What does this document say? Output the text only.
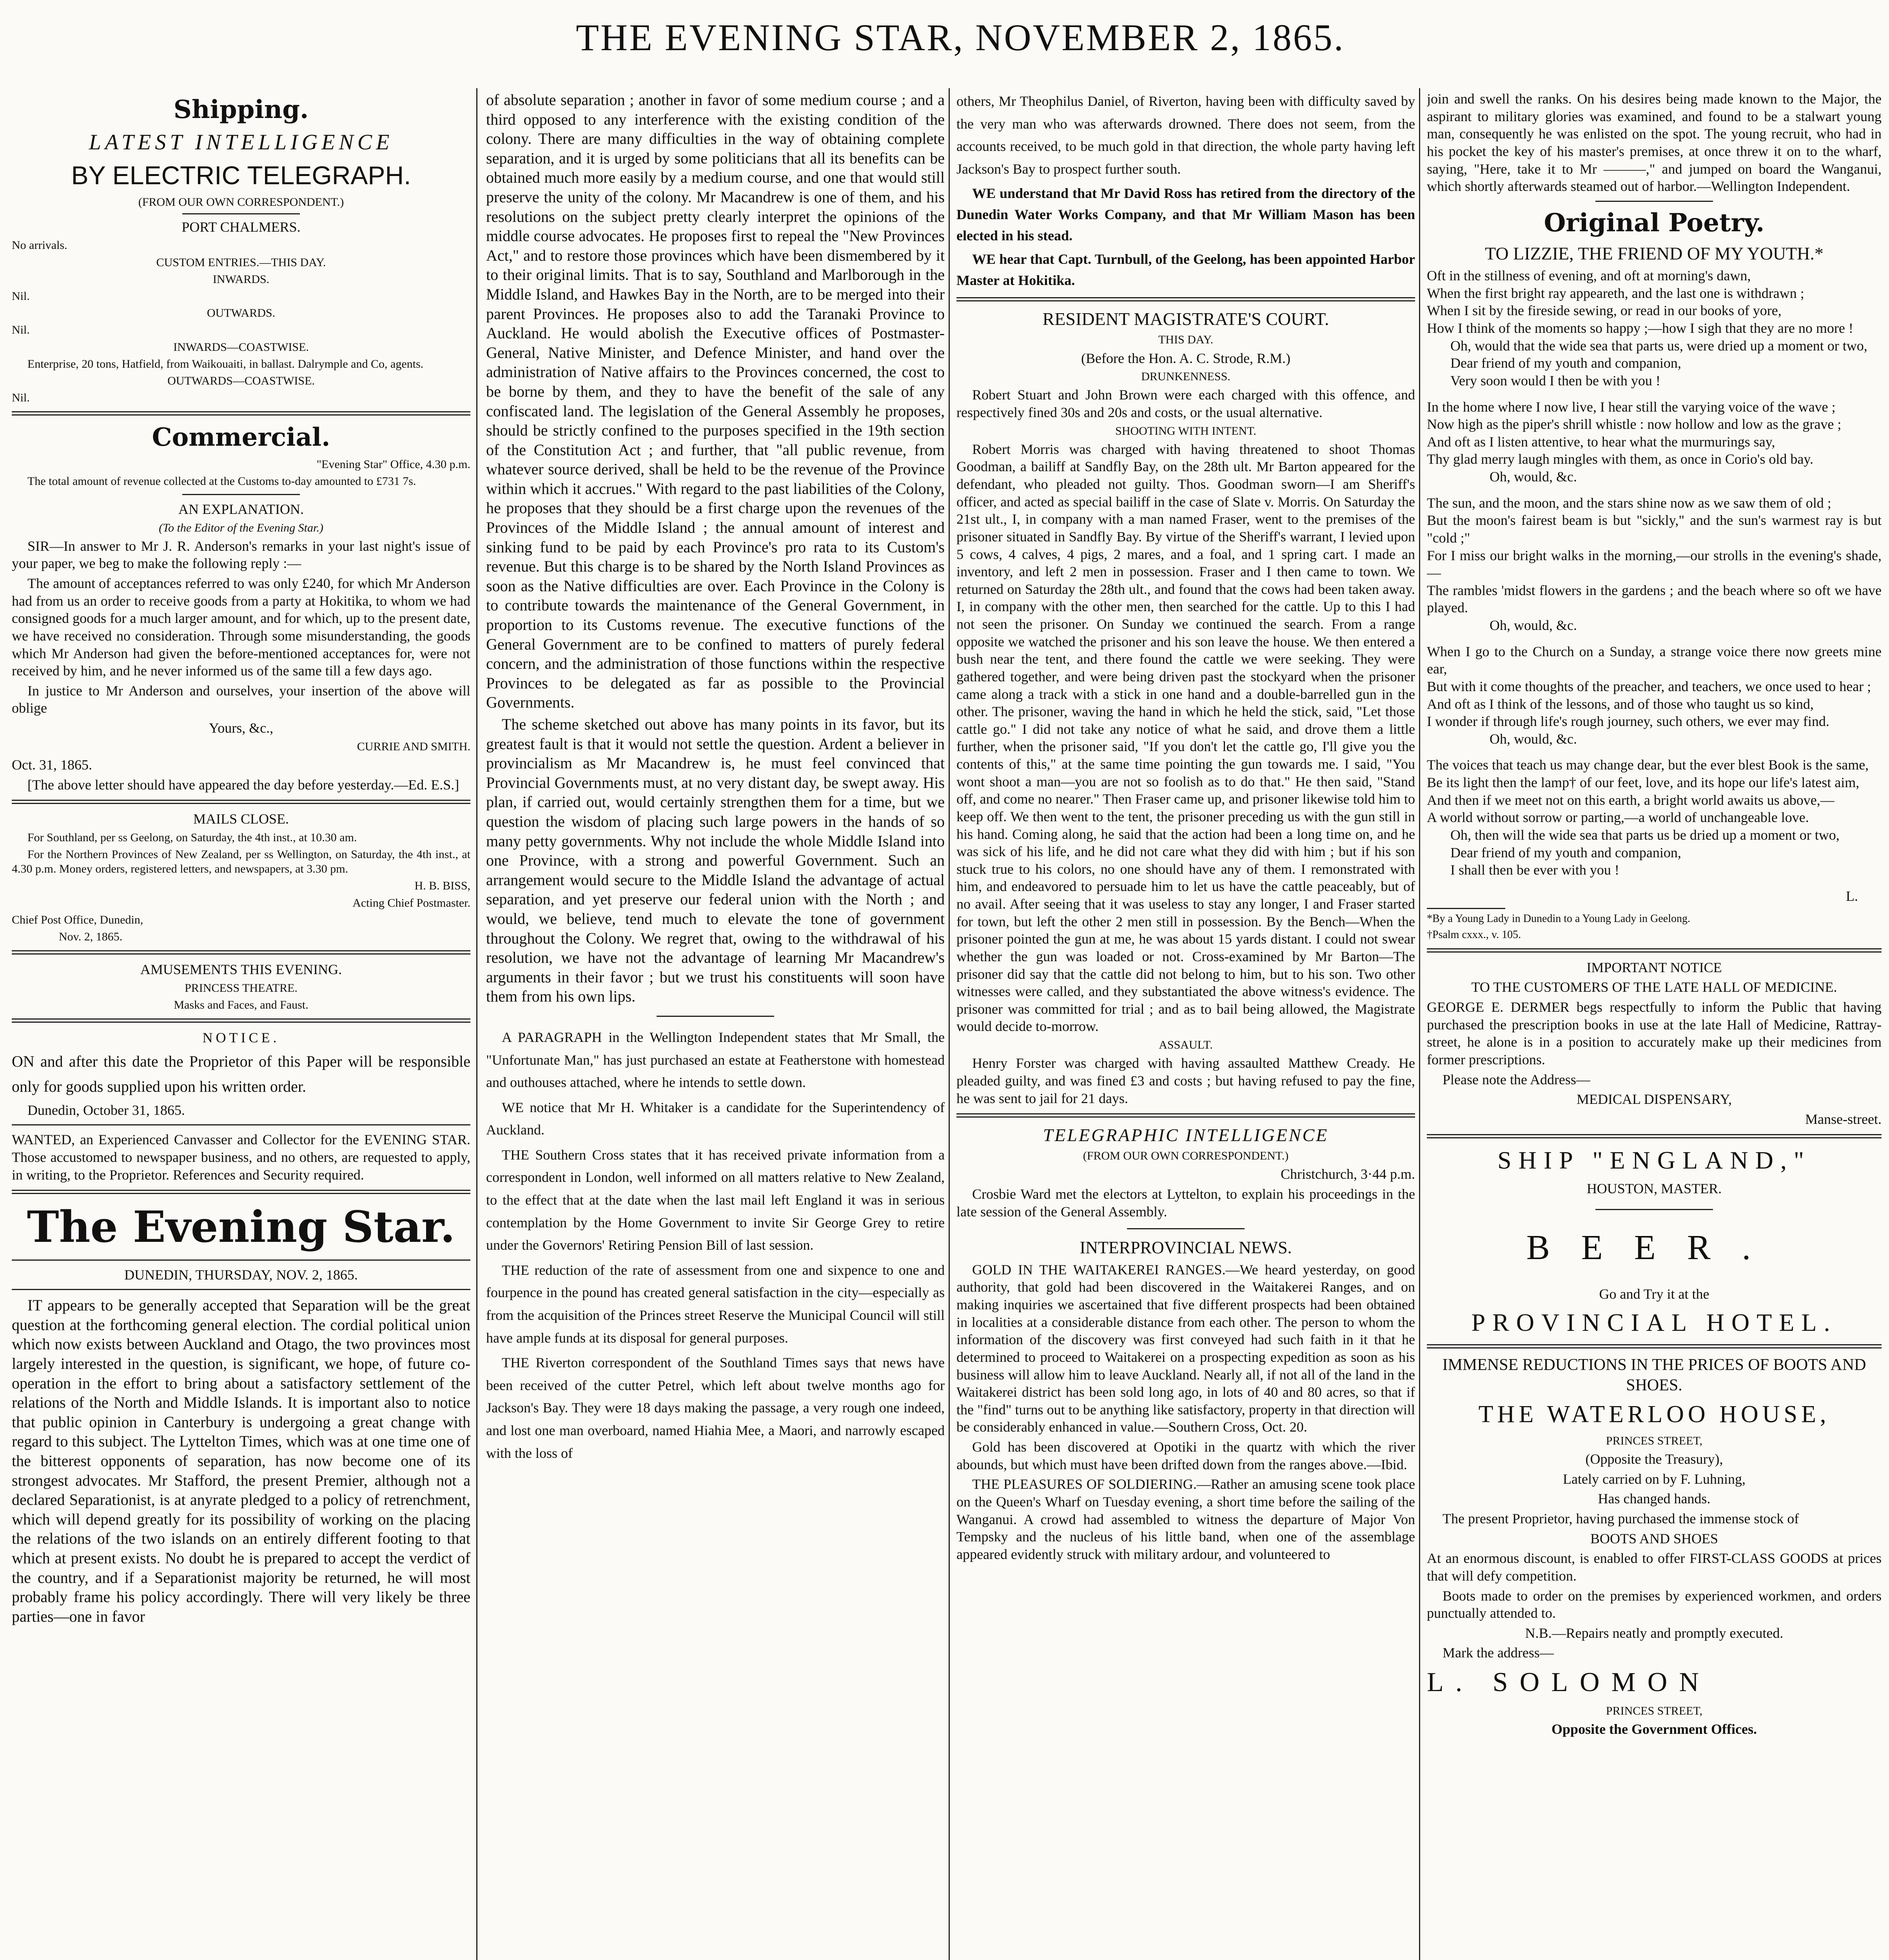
THE EVENING STAR, NOVEMBER 2, 1865.
Shipping.
LATEST INTELLIGENCE
BY ELECTRIC TELEGRAPH.

(FROM OUR OWN CORRESPONDENT.)

PORT CHALMERS.

No arrivals.

CUSTOM ENTRIES.—THIS DAY.

INWARDS.

Nil.

OUTWARDS.

Nil.

INWARDS—COASTWISE.

Enterprise, 20 tons, Hatfield, from Waikouaiti, in ballast. Dalrymple and Co, agents.

OUTWARDS—COASTWISE.

Nil.

Commercial.

"Evening Star" Office, 4.30 p.m.

The total amount of revenue collected at the Customs to-day amounted to £731 7s.

AN EXPLANATION.

(To the Editor of the Evening Star.)

SIR—In answer to Mr J. R. Anderson's remarks in your last night's issue of your paper, we beg to make the following reply :—

The amount of acceptances referred to was only £240, for which Mr Anderson had from us an order to receive goods from a party at Hokitika, to whom we had consigned goods for a much larger amount, and for which, up to the present date, we have received no consideration. Through some misunderstanding, the goods which Mr Anderson had given the before-mentioned acceptances for, were not received by him, and he never informed us of the same till a few days ago.

In justice to Mr Anderson and ourselves, your insertion of the above will oblige

Yours, &c.,

CURRIE AND SMITH.

Oct. 31, 1865.

[The above letter should have appeared the day before yesterday.—Ed. E.S.]

MAILS CLOSE.

For Southland, per ss Geelong, on Saturday, the 4th inst., at 10.30 am.

For the Northern Provinces of New Zealand, per ss Wellington, on Saturday, the 4th inst., at 4.30 p.m. Money orders, registered letters, and newspapers, at 3.30 pm.

H. B. BISS,

Acting Chief Postmaster.

Chief Post Office, Dunedin,

Nov. 2, 1865.

AMUSEMENTS THIS EVENING.

PRINCESS THEATRE.

Masks and Faces, and Faust.

NOTICE.

ON and after this date the Proprietor of this Paper will be responsible only for goods supplied upon his written order.

Dunedin, October 31, 1865.

WANTED, an Experienced Canvasser and Collector for the EVENING STAR. Those accustomed to newspaper business, and no others, are requested to apply, in writing, to the Proprietor. References and Security required.

The Evening Star.

DUNEDIN, THURSDAY, NOV. 2, 1865.

IT appears to be generally accepted that Separation will be the great question at the forthcoming general election. The cordial political union which now exists between Auckland and Otago, the two provinces most largely interested in the question, is significant, we hope, of future co-operation in the effort to bring about a satisfactory settlement of the relations of the North and Middle Islands. It is important also to notice that public opinion in Canterbury is undergoing a great change with regard to this subject. The Lyttelton Times, which was at one time one of the bitterest opponents of separation, has now become one of its strongest advocates. Mr Stafford, the present Premier, although not a declared Separationist, is at anyrate pledged to a policy of retrenchment, which will depend greatly for its possibility of working on the placing the relations of the two islands on an entirely different footing to that which at present exists. No doubt he is prepared to accept the verdict of the country, and if a Separationist majority be returned, he will most probably frame his policy accordingly. There will very likely be three parties—one in favor

of absolute separation ; another in favor of some medium course ; and a third opposed to any interference with the existing condition of the colony. There are many difficulties in the way of obtaining complete separation, and it is urged by some politicians that all its benefits can be obtained much more easily by a medium course, and one that would still preserve the unity of the colony. Mr Macandrew is one of them, and his resolutions on the subject pretty clearly interpret the opinions of the middle course advocates. He proposes first to repeal the "New Provinces Act," and to restore those provinces which have been dismembered by it to their original limits. That is to say, Southland and Marlborough in the Middle Island, and Hawkes Bay in the North, are to be merged into their parent Provinces. He proposes also to add the Taranaki Province to Auckland. He would abolish the Executive offices of Postmaster-General, Native Minister, and Defence Minister, and hand over the administration of Native affairs to the Provinces concerned, the cost to be borne by them, and they to have the benefit of the sale of any confiscated land. The legislation of the General Assembly he proposes, should be strictly confined to the purposes specified in the 19th section of the Constitution Act ; and further, that "all public revenue, from whatever source derived, shall be held to be the revenue of the Province within which it accrues." With regard to the past liabilities of the Colony, he proposes that they should be a first charge upon the revenues of the Provinces of the Middle Island ; the annual amount of interest and sinking fund to be paid by each Province's pro rata to its Custom's revenue. But this charge is to be shared by the North Island Provinces as soon as the Native difficulties are over. Each Province in the Colony is to contribute towards the maintenance of the General Government, in proportion to its Customs revenue. The executive functions of the General Government are to be confined to matters of purely federal concern, and the administration of those functions within the respective Provinces to be delegated as far as possible to the Provincial Governments.

The scheme sketched out above has many points in its favor, but its greatest fault is that it would not settle the question. Ardent a believer in provincialism as Mr Macandrew is, he must feel convinced that Provincial Governments must, at no very distant day, be swept away. His plan, if carried out, would certainly strengthen them for a time, but we question the wisdom of placing such large powers in the hands of so many petty governments. Why not include the whole Middle Island into one Province, with a strong and powerful Government. Such an arrangement would secure to the Middle Island the advantage of actual separation, and yet preserve our federal union with the North ; and would, we believe, tend much to elevate the tone of government throughout the Colony. We regret that, owing to the withdrawal of his resolution, we have not the advantage of learning Mr Macandrew's arguments in their favor ; but we trust his constituents will soon have them from his own lips.

A PARAGRAPH in the Wellington Independent states that Mr Small, the "Unfortunate Man," has just purchased an estate at Featherstone with homestead and outhouses attached, where he intends to settle down.

WE notice that Mr H. Whitaker is a candidate for the Superintendency of Auckland.

THE Southern Cross states that it has received private information from a correspondent in London, well informed on all matters relative to New Zealand, to the effect that at the date when the last mail left England it was in serious contemplation by the Home Government to invite Sir George Grey to retire under the Governors' Retiring Pension Bill of last session.

THE reduction of the rate of assessment from one and sixpence to one and fourpence in the pound has created general satisfaction in the city—especially as from the acquisition of the Princes street Reserve the Municipal Council will still have ample funds at its disposal for general purposes.

THE Riverton correspondent of the Southland Times says that news have been received of the cutter Petrel, which left about twelve months ago for Jackson's Bay. They were 18 days making the passage, a very rough one indeed, and lost one man overboard, named Hiahia Mee, a Maori, and narrowly escaped with the loss of

others, Mr Theophilus Daniel, of Riverton, having been with difficulty saved by the very man who was afterwards drowned. There does not seem, from the accounts received, to be much gold in that direction, the whole party having left Jackson's Bay to prospect further south.

WE understand that Mr David Ross has retired from the directory of the Dunedin Water Works Company, and that Mr William Mason has been elected in his stead.

WE hear that Capt. Turnbull, of the Geelong, has been appointed Harbor Master at Hokitika.

RESIDENT MAGISTRATE'S COURT.

THIS DAY.

(Before the Hon. A. C. Strode, R.M.)

DRUNKENNESS.

Robert Stuart and John Brown were each charged with this offence, and respectively fined 30s and 20s and costs, or the usual alternative.

SHOOTING WITH INTENT.

Robert Morris was charged with having threatened to shoot Thomas Goodman, a bailiff at Sandfly Bay, on the 28th ult. Mr Barton appeared for the defendant, who pleaded not guilty. Thos. Goodman sworn—I am Sheriff's officer, and acted as special bailiff in the case of Slate v. Morris. On Saturday the 21st ult., I, in company with a man named Fraser, went to the premises of the prisoner situated in Sandfly Bay. By virtue of the Sheriff's warrant, I levied upon 5 cows, 4 calves, 4 pigs, 2 mares, and a foal, and 1 spring cart. I made an inventory, and left 2 men in possession. Fraser and I then came to town. We returned on Saturday the 28th ult., and found that the cows had been taken away. I, in company with the other men, then searched for the cattle. Up to this I had not seen the prisoner. On Sunday we continued the search. From a range opposite we watched the prisoner and his son leave the house. We then entered a bush near the tent, and there found the cattle we were seeking. They were gathered together, and were being driven past the stockyard when the prisoner came along a track with a stick in one hand and a double-barrelled gun in the other. The prisoner, waving the hand in which he held the stick, said, "Let those cattle go." I did not take any notice of what he said, and drove them a little further, when the prisoner said, "If you don't let the cattle go, I'll give you the contents of this," at the same time pointing the gun towards me. I said, "You wont shoot a man—you are not so foolish as to do that." He then said, "Stand off, and come no nearer." Then Fraser came up, and prisoner likewise told him to keep off. We then went to the tent, the prisoner preceding us with the gun still in his hand. Coming along, he said that the action had been a long time on, and he was sick of his life, and he did not care what they did with him ; but if his son stuck true to his colors, no one should have any of them. I remonstrated with him, and endeavored to persuade him to let us have the cattle peaceably, but of no avail. After seeing that it was useless to stay any longer, I and Fraser started for town, but left the other 2 men still in possession. By the Bench—When the prisoner pointed the gun at me, he was about 15 yards distant. I could not swear whether the gun was loaded or not. Cross-examined by Mr Barton—The prisoner did say that the cattle did not belong to him, but to his son. Two other witnesses were called, and they substantiated the above witness's evidence. The prisoner was committed for trial ; and as to bail being allowed, the Magistrate would decide to-morrow.

ASSAULT.

Henry Forster was charged with having assaulted Matthew Cready. He pleaded guilty, and was fined £3 and costs ; but having refused to pay the fine, he was sent to jail for 21 days.

TELEGRAPHIC INTELLIGENCE

(FROM OUR OWN CORRESPONDENT.)

Christchurch, 3·44 p.m.

Crosbie Ward met the electors at Lyttelton, to explain his proceedings in the late session of the General Assembly.

INTERPROVINCIAL NEWS.

GOLD IN THE WAITAKEREI RANGES.—We heard yesterday, on good authority, that gold had been discovered in the Waitakerei Ranges, and on making inquiries we ascertained that five different prospects had been obtained in localities at a considerable distance from each other. The person to whom the information of the discovery was first conveyed had such faith in it that he determined to proceed to Waitakerei on a prospecting expedition as soon as his business will allow him to leave Auckland. Nearly all, if not all of the land in the Waitakerei district has been sold long ago, in lots of 40 and 80 acres, so that if the "find" turns out to be anything like satisfactory, property in that direction will be considerably enhanced in value.—Southern Cross, Oct. 20.

Gold has been discovered at Opotiki in the quartz with which the river abounds, but which must have been drifted down from the ranges above.—Ibid.

THE PLEASURES OF SOLDIERING.—Rather an amusing scene took place on the Queen's Wharf on Tuesday evening, a short time before the sailing of the Wanganui. A crowd had assembled to witness the departure of Major Von Tempsky and the nucleus of his little band, when one of the assemblage appeared evidently struck with military ardour, and volunteered to

join and swell the ranks. On his desires being made known to the Major, the aspirant to military glories was examined, and found to be a stalwart young man, consequently he was enlisted on the spot. The young recruit, who had in his pocket the key of his master's premises, at once threw it on to the wharf, saying, "Here, take it to Mr ———," and jumped on board the Wanganui, which shortly afterwards steamed out of harbor.—Wellington Independent.

Original Poetry.

TO LIZZIE, THE FRIEND OF MY YOUTH.*

Oft in the stillness of evening, and oft at morning's dawn,

When the first bright ray appeareth, and the last one is withdrawn ;

When I sit by the fireside sewing, or read in our books of yore,

How I think of the moments so happy ;—how I sigh that they are no more !

Oh, would that the wide sea that parts us, were dried up a moment or two,

Dear friend of my youth and companion,

Very soon would I then be with you !

In the home where I now live, I hear still the varying voice of the wave ;

Now high as the piper's shrill whistle : now hollow and low as the grave ;

And oft as I listen attentive, to hear what the murmurings say,

Thy glad merry laugh mingles with them, as once in Corio's old bay.

Oh, would, &c.

The sun, and the moon, and the stars shine now as we saw them of old ;

But the moon's fairest beam is but "sickly," and the sun's warmest ray is but "cold ;"

For I miss our bright walks in the morning,—our strolls in the evening's shade,—

The rambles 'midst flowers in the gardens ; and the beach where so oft we have played.

Oh, would, &c.

When I go to the Church on a Sunday, a strange voice there now greets mine ear,

But with it come thoughts of the preacher, and teachers, we once used to hear ;

And oft as I think of the lessons, and of those who taught us so kind,

I wonder if through life's rough journey, such others, we ever may find.

Oh, would, &c.

The voices that teach us may change dear, but the ever blest Book is the same,

Be its light then the lamp† of our feet, love, and its hope our life's latest aim,

And then if we meet not on this earth, a bright world awaits us above,—

A world without sorrow or parting,—a world of unchangeable love.

Oh, then will the wide sea that parts us be dried up a moment or two,

Dear friend of my youth and companion,

I shall then be ever with you !

L.

*By a Young Lady in Dunedin to a Young Lady in Geelong.

†Psalm cxxx., v. 105.

IMPORTANT NOTICE

TO THE CUSTOMERS OF THE LATE HALL OF MEDICINE.

GEORGE E. DERMER begs respectfully to inform the Public that having purchased the prescription books in use at the late Hall of Medicine, Rattray-street, he alone is in a position to accurately make up their medicines from former prescriptions.

Please note the Address—

MEDICAL DISPENSARY,

Manse-street.

SHIP "ENGLAND,"

HOUSTON, MASTER.

BEER.

Go and Try it at the

PROVINCIAL HOTEL.

IMMENSE REDUCTIONS IN THE PRICES OF BOOTS AND SHOES.

THE WATERLOO HOUSE,

PRINCES STREET,

(Opposite the Treasury),

Lately carried on by F. Luhning,

Has changed hands.

The present Proprietor, having purchased the immense stock of

BOOTS AND SHOES

At an enormous discount, is enabled to offer FIRST-CLASS GOODS at prices that will defy competition.

Boots made to order on the premises by experienced workmen, and orders punctually attended to.

N.B.—Repairs neatly and promptly executed.

Mark the address—

L. SOLOMON

PRINCES STREET,

Opposite the Government Offices.
